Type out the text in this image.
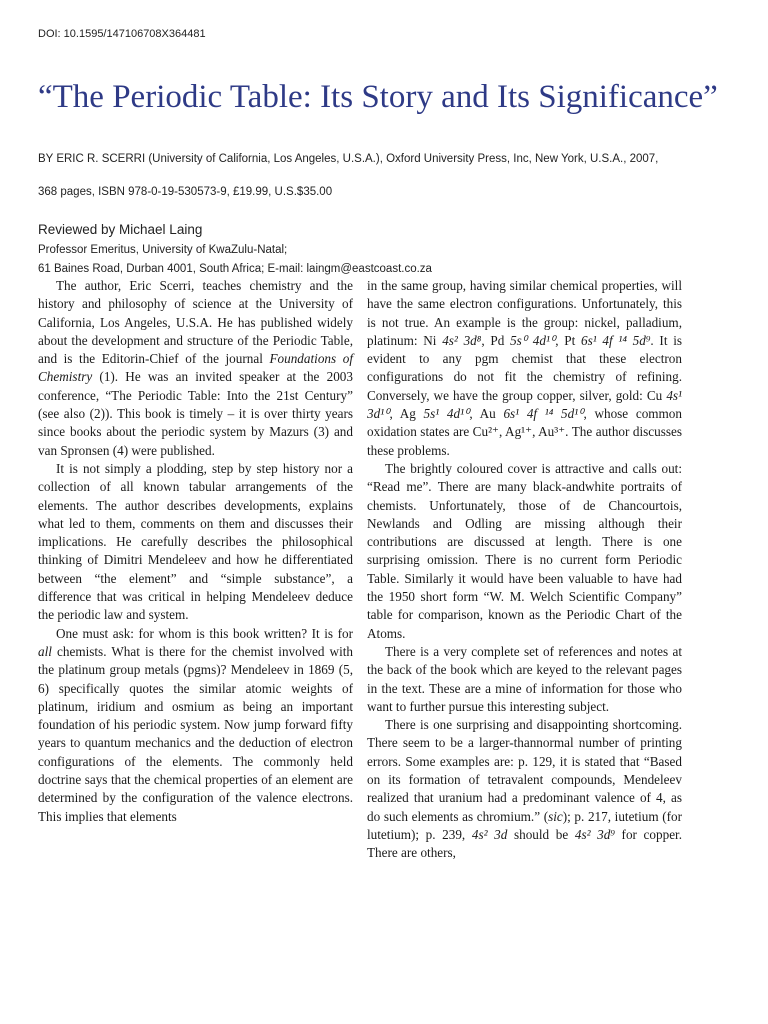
DOI: 10.1595/147106708X364481
“The Periodic Table: Its Story and Its Significance”
BY ERIC R. SCERRI (University of California, Los Angeles, U.S.A.), Oxford University Press, Inc, New York, U.S.A., 2007,
368 pages, ISBN 978-0-19-530573-9, £19.99, U.S.$35.00
Reviewed by Michael Laing
Professor Emeritus, University of KwaZulu-Natal;
61 Baines Road, Durban 4001, South Africa; E-mail: laingm@eastcoast.co.za

The author, Eric Scerri, teaches chemistry and the history and philosophy of science at the University of California, Los Angeles, U.S.A. He has published widely about the development and structure of the Periodic Table, and is the Editorin-Chief of the journal Foundations of Chemistry (1). He was an invited speaker at the 2003 conference, “The Periodic Table: Into the 21st Century” (see also (2)). This book is timely – it is over thirty years since books about the periodic system by Mazurs (3) and van Spronsen (4) were published.

It is not simply a plodding, step by step history nor a collection of all known tabular arrangements of the elements. The author describes developments, explains what led to them, comments on them and discusses their implications. He carefully describes the philosophical thinking of Dimitri Mendeleev and how he differentiated between “the element” and “simple substance”, a difference that was critical in helping Mendeleev deduce the periodic law and system.

One must ask: for whom is this book written? It is for all chemists. What is there for the chemist involved with the platinum group metals (pgms)? Mendeleev in 1869 (5, 6) specifically quotes the similar atomic weights of platinum, iridium and osmium as being an important foundation of his periodic system. Now jump forward fifty years to quantum mechanics and the deduction of electron configurations of the elements. The commonly held doctrine says that the chemical properties of an element are determined by the configuration of the valence electrons. This implies that elements

in the same group, having similar chemical properties, will have the same electron configurations. Unfortunately, this is not true. An example is the group: nickel, palladium, platinum: Ni 4s² 3d⁸, Pd 5s⁰ 4d¹⁰, Pt 6s¹ 4f ¹⁴ 5d⁹. It is evident to any pgm chemist that these electron configurations do not fit the chemistry of refining. Conversely, we have the group copper, silver, gold: Cu 4s¹ 3d¹⁰, Ag 5s¹ 4d¹⁰, Au 6s¹ 4f ¹⁴ 5d¹⁰, whose common oxidation states are Cu²⁺, Ag¹⁺, Au³⁺. The author discusses these problems.

The brightly coloured cover is attractive and calls out: “Read me”. There are many black-andwhite portraits of chemists. Unfortunately, those of de Chancourtois, Newlands and Odling are missing although their contributions are discussed at length. There is one surprising omission. There is no current form Periodic Table. Similarly it would have been valuable to have had the 1950 short form “W. M. Welch Scientific Company” table for comparison, known as the Periodic Chart of the Atoms.

There is a very complete set of references and notes at the back of the book which are keyed to the relevant pages in the text. These are a mine of information for those who want to further pursue this interesting subject.

There is one surprising and disappointing shortcoming. There seem to be a larger-thannormal number of printing errors. Some examples are: p. 129, it is stated that “Based on its formation of tetravalent compounds, Mendeleev realized that uranium had a predominant valence of 4, as do such elements as chromium.” (sic); p. 217, iutetium (for lutetium); p. 239, 4s² 3d should be 4s² 3d⁹ for copper. There are others,
